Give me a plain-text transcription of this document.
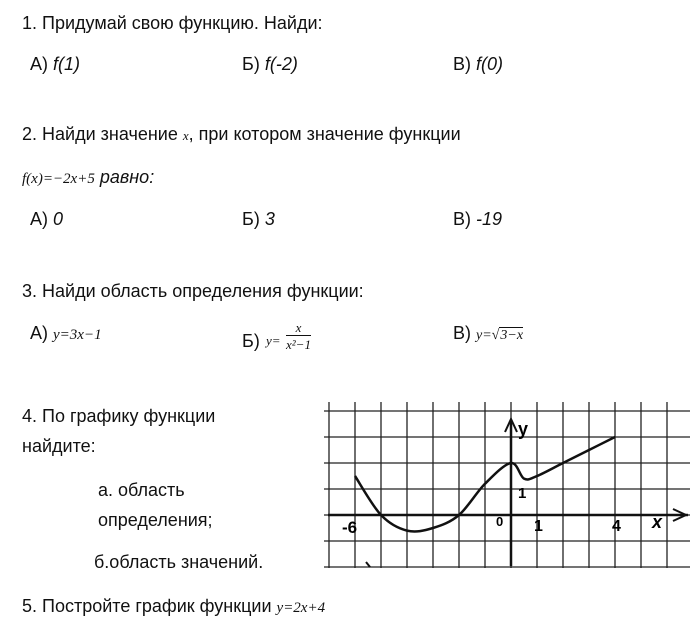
1. Придумай свою функцию. Найди:
А) f(1)	Б) f(-2)	В) f(0)
2. Найди значение x, при котором значение функции
f(x)=−2x+5 равно:
А) 0	Б) 3	В) -19
3. Найди область определения функции:
А) y=3x−1	Б) $y= \frac{x}{\text{x²−1}}$	В) y=√3−x
4. По графику функции
найдите:
а. область
определения;
б.область значений.
5. Постройте график функции y=2x+4
y
x
-6	0 1	4
1
